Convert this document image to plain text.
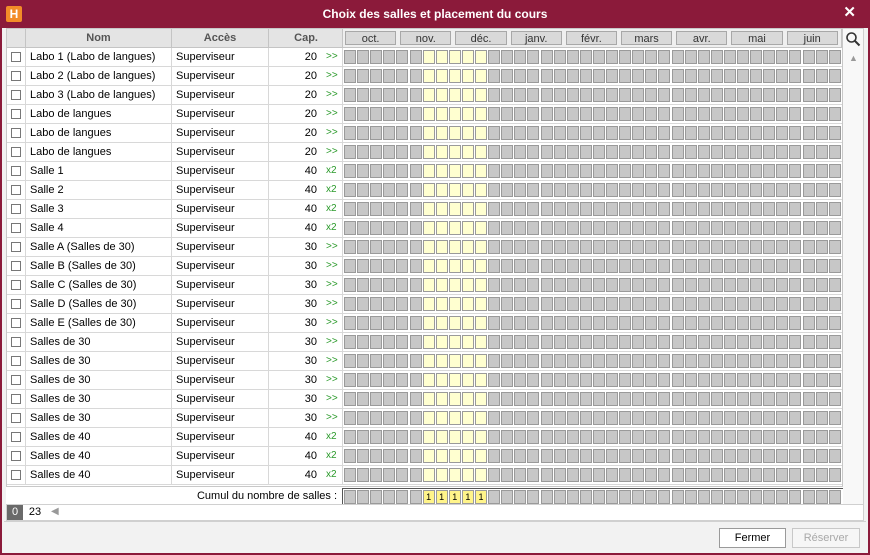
H	Choix des salles et placement du cours	✕
Nom	Accès	Cap.	oct.	nov.	déc.	janv.	févr.	mars	avr.	mai	juin
Labo 1 (Labo de langues)	Superviseur	20 >>
Labo 2 (Labo de langues)	Superviseur	20 >>
Labo 3 (Labo de langues)	Superviseur	20 >>
Labo de langues	Superviseur	20 >>
Labo de langues	Superviseur	20 >>
Labo de langues	Superviseur	20 >>
Salle 1	Superviseur	40 x2
Salle 2	Superviseur	40 x2
Salle 3	Superviseur	40 x2
Salle 4	Superviseur	40 x2
Salle A (Salles de 30)	Superviseur	30 >>
Salle B (Salles de 30)	Superviseur	30 >>
Salle C (Salles de 30)	Superviseur	30 >>
Salle D (Salles de 30)	Superviseur	30 >>
Salle E (Salles de 30)	Superviseur	30 >>
Salles de 30	Superviseur	30 >>
Salles de 30	Superviseur	30 >>
Salles de 30	Superviseur	30 >>
Salles de 30	Superviseur	30 >>
Salles de 30	Superviseur	30 >>
Salles de 40	Superviseur	40 x2
Salles de 40	Superviseur	40 x2
Salles de 40	Superviseur	40 x2
Cumul du nombre de salles :	1 1 1 1 1
▲
0 23 ◀
Fermer	Réserver
